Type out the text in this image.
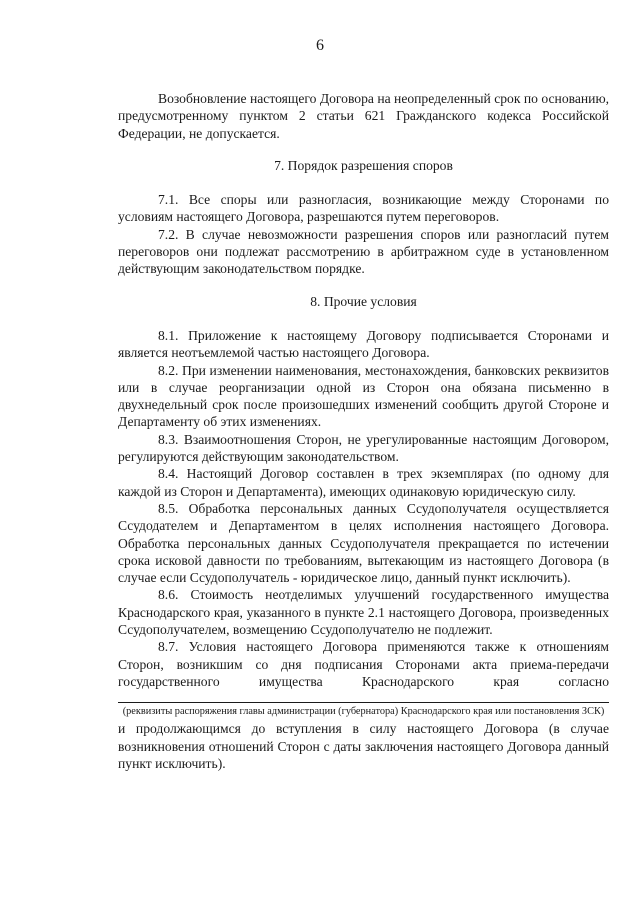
6

Возобновление настоящего Договора на неопределенный срок по основанию, предусмотренному пунктом 2 статьи 621 Гражданского кодекса Российской Федерации, не допускается.

7. Порядок разрешения споров

7.1. Все споры или разногласия, возникающие между Сторонами по условиям настоящего Договора, разрешаются путем переговоров.

7.2. В случае невозможности разрешения споров или разногласий путем переговоров они подлежат рассмотрению в арбитражном суде в установленном действующим законодательством порядке.

8. Прочие условия

8.1. Приложение к настоящему Договору подписывается Сторонами и является неотъемлемой частью настоящего Договора.

8.2. При изменении наименования, местонахождения, банковских реквизитов или в случае реорганизации одной из Сторон она обязана письменно в двухнедельный срок после произошедших изменений сообщить другой Стороне и Департаменту об этих изменениях.

8.3. Взаимоотношения Сторон, не урегулированные настоящим Договором, регулируются действующим законодательством.

8.4. Настоящий Договор составлен в трех экземплярах (по одному для каждой из Сторон и Департамента), имеющих одинаковую юридическую силу.

8.5. Обработка персональных данных Ссудополучателя осуществляется Ссудодателем и Департаментом в целях исполнения настоящего Договора. Обработка персональных данных Ссудополучателя прекращается по истечении срока исковой давности по требованиям, вытекающим из настоящего Договора (в случае если Ссудополучатель - юридическое лицо, данный пункт исключить).

8.6. Стоимость неотделимых улучшений государственного имущества Краснодарского края, указанного в пункте 2.1 настоящего Договора, произведенных Ссудополучателем, возмещению Ссудополучателю не подлежит.

8.7. Условия настоящего Договора применяются также к отношениям Сторон, возникшим со дня подписания Сторонами акта приема-передачи государственного имущества Краснодарского края согласно

(реквизиты распоряжения главы администрации (губернатора) Краснодарского края или постановления ЗСК)

и продолжающимся до вступления в силу настоящего Договора (в случае возникновения отношений Сторон с даты заключения настоящего Договора данный пункт исключить).
